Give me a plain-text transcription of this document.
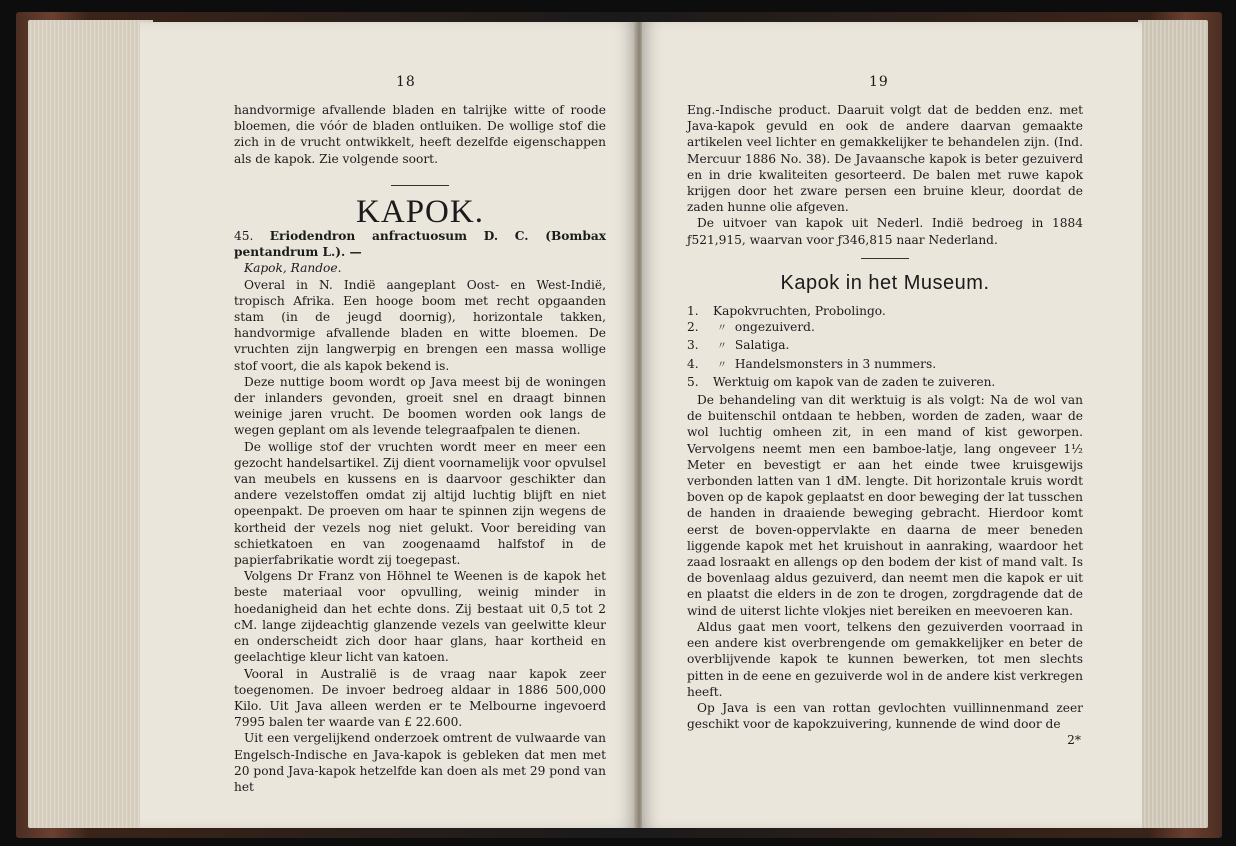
18

handvormige afvallende bladen en talrijke witte of roode bloemen, die vóór de bladen ontluiken. De wollige stof die zich in de vrucht ontwikkelt, heeft dezelfde eigenschappen als de kapok. Zie volgende soort.

KAPOK.

45. Eriodendron anfractuosum D. C. (Bombax pentandrum L.). —

Kapok, Randoe.

Overal in N. Indië aangeplant Oost- en West-Indië, tropisch Afrika. Een hooge boom met recht opgaanden stam (in de jeugd doornig), horizontale takken, handvormige afvallende bladen en witte bloemen. De vruchten zijn langwerpig en brengen een massa wollige stof voort, die als kapok bekend is.

Deze nuttige boom wordt op Java meest bij de woningen der inlanders gevonden, groeit snel en draagt binnen weinige jaren vrucht. De boomen worden ook langs de wegen geplant om als levende telegraafpalen te dienen.

De wollige stof der vruchten wordt meer en meer een gezocht handelsartikel. Zij dient voornamelijk voor opvulsel van meubels en kussens en is daarvoor geschikter dan andere vezelstoffen omdat zij altijd luchtig blijft en niet opeenpakt. De proeven om haar te spinnen zijn wegens de kortheid der vezels nog niet gelukt. Voor bereiding van schietkatoen en van zoogenaamd halfstof in de papierfabrikatie wordt zij toegepast.

Volgens Dr Franz von Höhnel te Weenen is de kapok het beste materiaal voor opvulling, weinig minder in hoedanigheid dan het echte dons. Zij bestaat uit 0,5 tot 2 cM. lange zijdeachtig glanzende vezels van geelwitte kleur en onderscheidt zich door haar glans, haar kortheid en geelachtige kleur licht van katoen.

Vooral in Australië is de vraag naar kapok zeer toegenomen. De invoer bedroeg aldaar in 1886 500,000 Kilo. Uit Java alleen werden er te Melbourne ingevoerd 7995 balen ter waarde van £ 22.600.

Uit een vergelijkend onderzoek omtrent de vulwaarde van Engelsch-Indische en Java-kapok is gebleken dat men met 20 pond Java-kapok hetzelfde kan doen als met 29 pond van het

19

Eng.-Indische product. Daaruit volgt dat de bedden enz. met Java-kapok gevuld en ook de andere daarvan gemaakte artikelen veel lichter en gemakkelijker te behandelen zijn. (Ind. Mercuur 1886 No. 38). De Javaansche kapok is beter gezuiverd en in drie kwaliteiten gesorteerd. De balen met ruwe kapok krijgen door het zware persen een bruine kleur, doordat de zaden hunne olie afgeven.

De uitvoer van kapok uit Nederl. Indië bedroeg in 1884 ƒ521,915, waarvan voor ƒ346,815 naar Nederland.

Kapok in het Museum.
1. Kapokvruchten, Probolingo.
2. 〃 ongezuiverd.
3. 〃 Salatiga.
4. 〃 Handelsmonsters in 3 nummers.
5. Werktuig om kapok van de zaden te zuiveren.

De behandeling van dit werktuig is als volgt: Na de wol van de buitenschil ontdaan te hebben, worden de zaden, waar de wol luchtig omheen zit, in een mand of kist geworpen. Vervolgens neemt men een bamboe-latje, lang ongeveer 1½ Meter en bevestigt er aan het einde twee kruisgewijs verbonden latten van 1 dM. lengte. Dit horizontale kruis wordt boven op de kapok geplaatst en door beweging der lat tusschen de handen in draaiende beweging gebracht. Hierdoor komt eerst de boven-oppervlakte en daarna de meer beneden liggende kapok met het kruishout in aanraking, waardoor het zaad losraakt en allengs op den bodem der kist of mand valt. Is de bovenlaag aldus gezuiverd, dan neemt men die kapok er uit en plaatst die elders in de zon te drogen, zorgdragende dat de wind de uiterst lichte vlokjes niet bereiken en meevoeren kan.

Aldus gaat men voort, telkens den gezuiverden voorraad in een andere kist overbrengende om gemakkelijker en beter de overblijvende kapok te kunnen bewerken, tot men slechts pitten in de eene en gezuiverde wol in de andere kist verkregen heeft.

Op Java is een van rottan gevlochten vuillinnenmand zeer geschikt voor de kapokzuivering, kunnende de wind door de

2*
